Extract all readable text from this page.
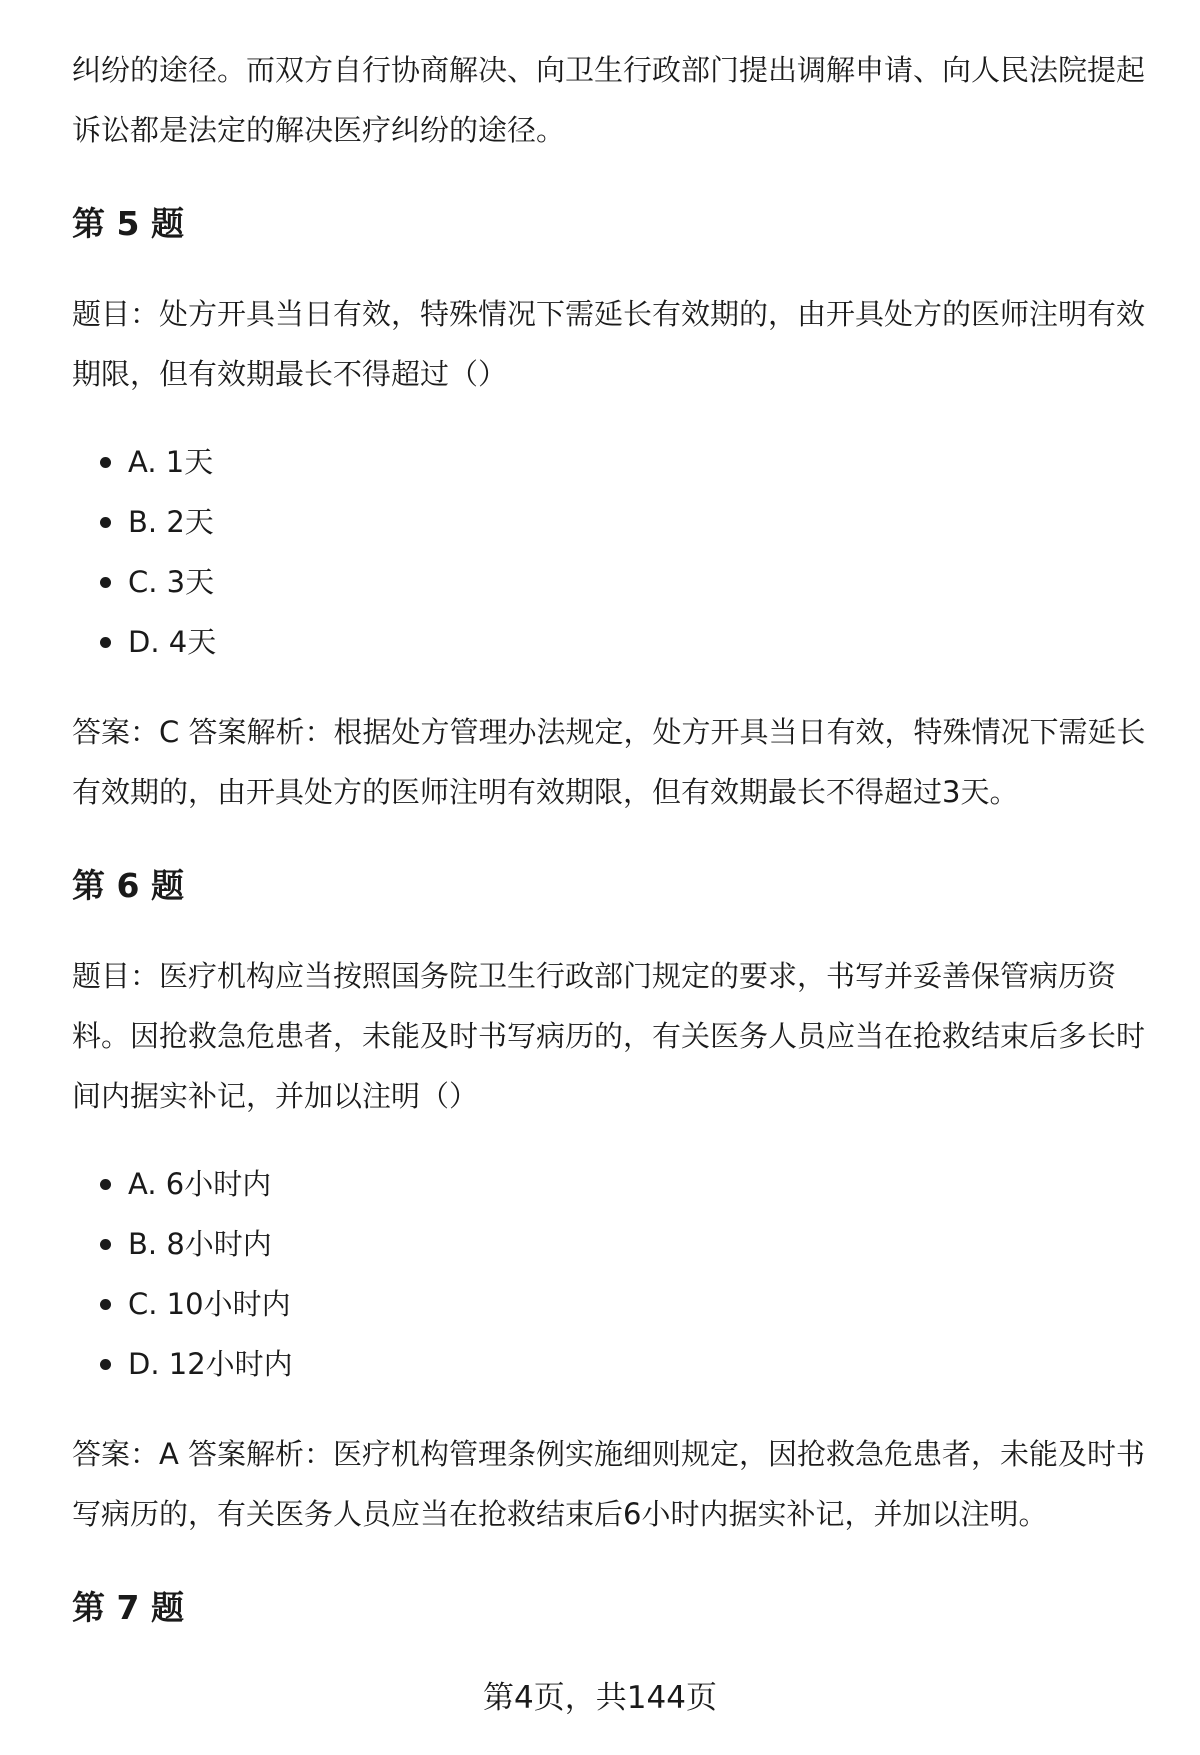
纠纷的途径。而双方自行协商解决、向卫生行政部门提出调解申请、向人民法院提起诉讼都是法定的解决医疗纠纷的途径。

第 5 题

题目：处方开具当日有效，特殊情况下需延长有效期的，由开具处方的医师注明有效期限，但有效期最长不得超过（）

A. 1天
B. 2天
C. 3天
D. 4天

答案：C 答案解析：根据处方管理办法规定，处方开具当日有效，特殊情况下需延长有效期的，由开具处方的医师注明有效期限，但有效期最长不得超过3天。

第 6 题

题目：医疗机构应当按照国务院卫生行政部门规定的要求，书写并妥善保管病历资料。因抢救急危患者，未能及时书写病历的，有关医务人员应当在抢救结束后多长时间内据实补记，并加以注明（）

A. 6小时内
B. 8小时内
C. 10小时内
D. 12小时内

答案：A 答案解析：医疗机构管理条例实施细则规定，因抢救急危患者，未能及时书写病历的，有关医务人员应当在抢救结束后6小时内据实补记，并加以注明。

第 7 题
第4页，共144页
